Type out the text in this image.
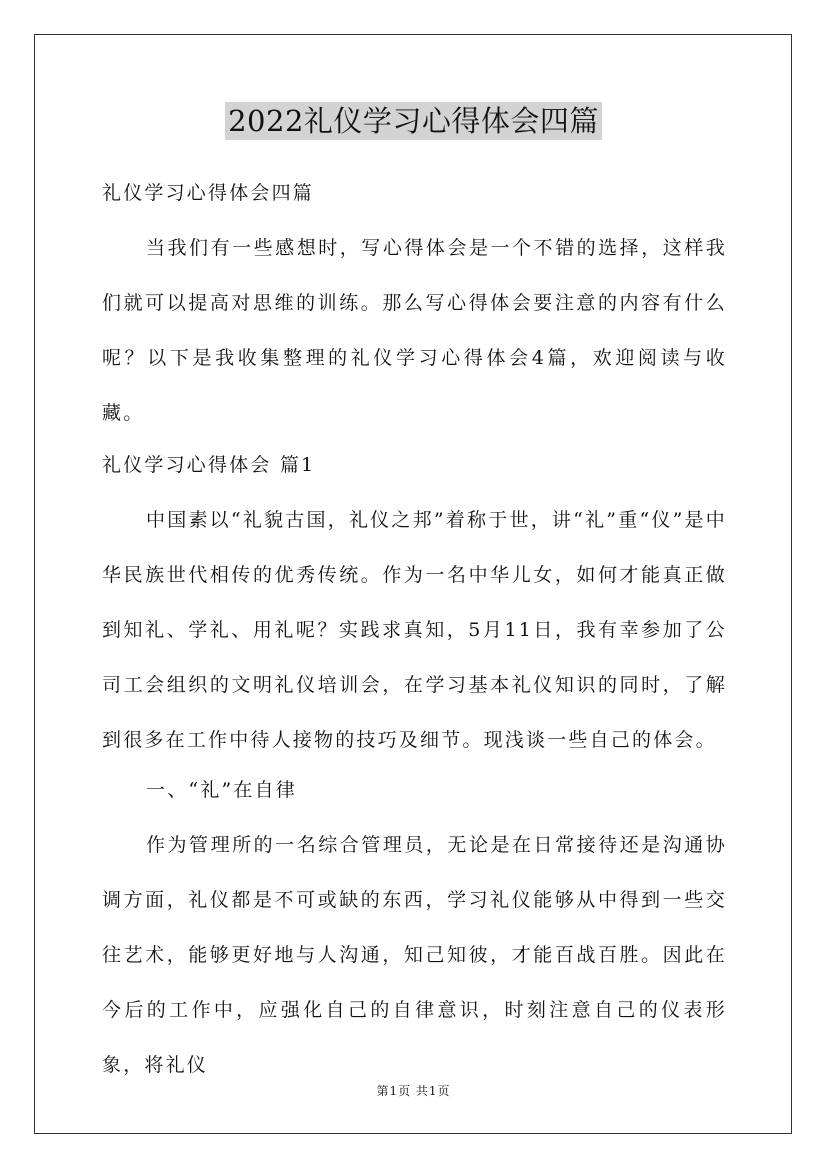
2022礼仪学习心得体会四篇

礼仪学习心得体会四篇

当我们有一些感想时，写心得体会是一个不错的选择，这样我们就可以提高对思维的训练。那么写心得体会要注意的内容有什么呢？以下是我收集整理的礼仪学习心得体会4篇，欢迎阅读与收藏。

礼仪学习心得体会 篇1

中国素以“礼貌古国，礼仪之邦”着称于世，讲“礼”重“仪”是中华民族世代相传的优秀传统。作为一名中华儿女，如何才能真正做到知礼、学礼、用礼呢？实践求真知，5月11日，我有幸参加了公司工会组织的文明礼仪培训会，在学习基本礼仪知识的同时，了解到很多在工作中待人接物的技巧及细节。现浅谈一些自己的体会。

一、“礼”在自律

作为管理所的一名综合管理员，无论是在日常接待还是沟通协调方面，礼仪都是不可或缺的东西，学习礼仪能够从中得到一些交往艺术，能够更好地与人沟通，知己知彼，才能百战百胜。因此在今后的工作中，应强化自己的自律意识，时刻注意自己的仪表形象，将礼仪

第1页 共1页
